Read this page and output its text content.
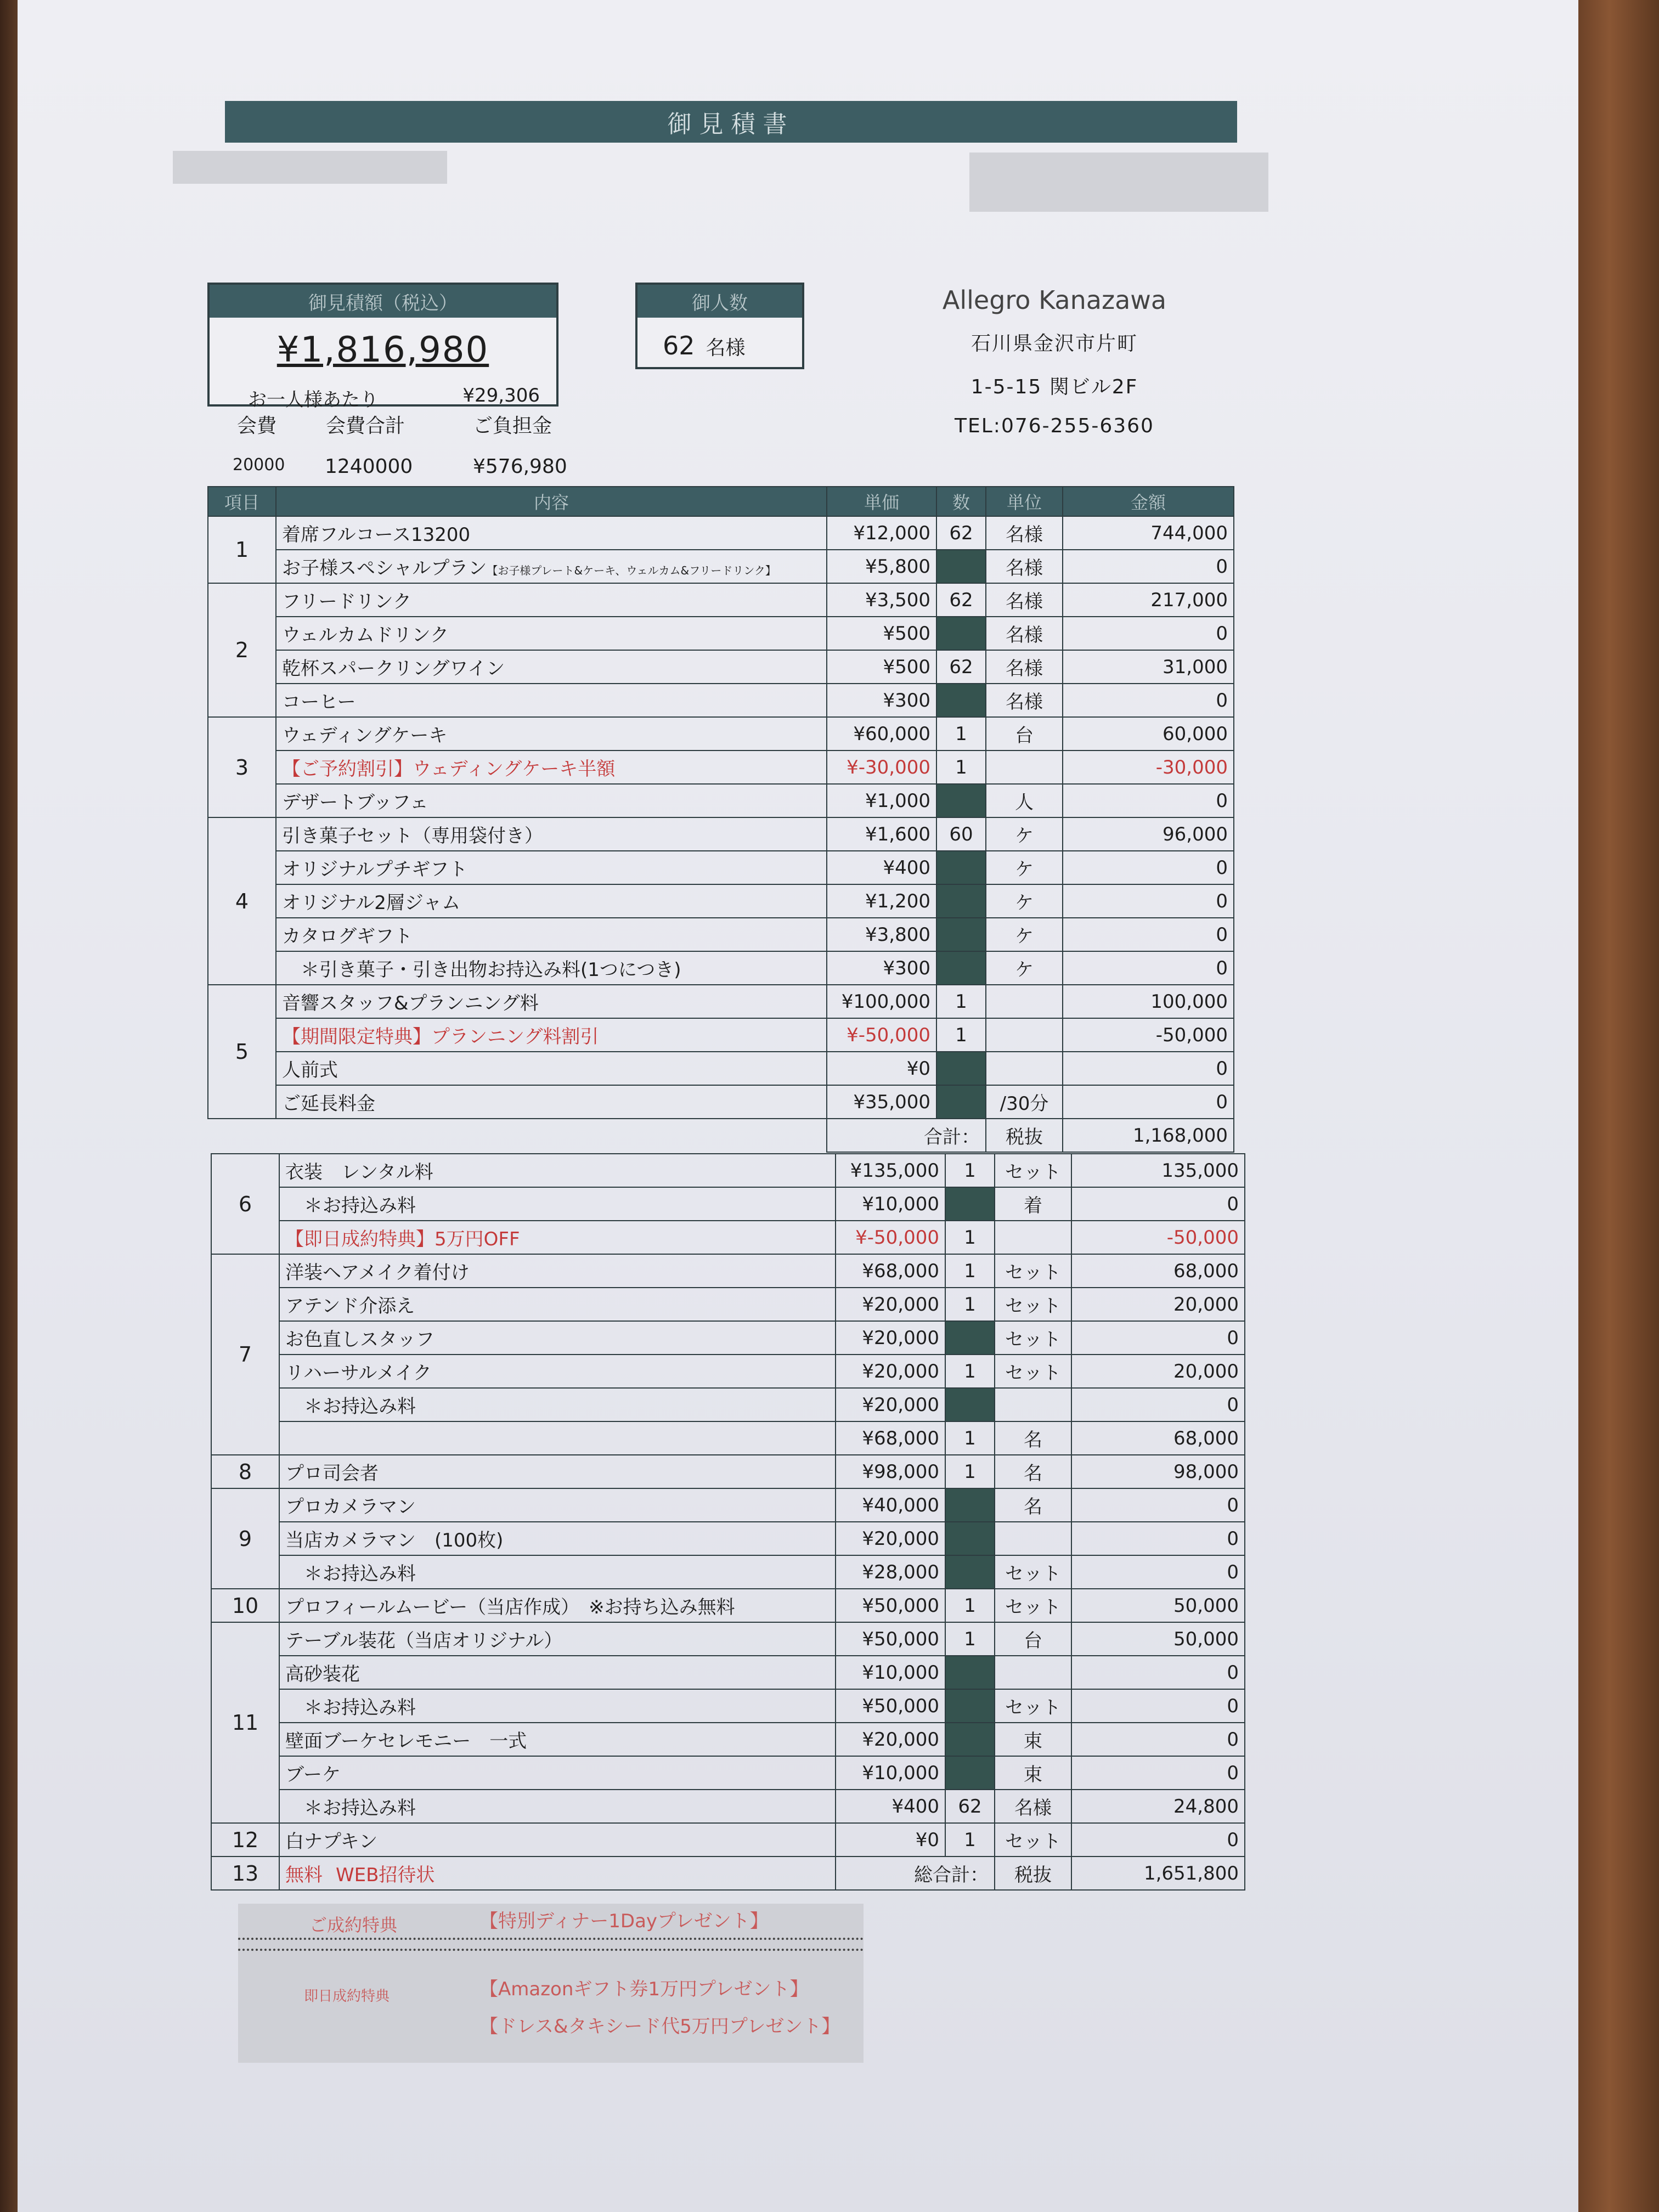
御見積書
御見積額（税込）
¥1,816,980
お一人様あたり	¥29,306
御人数
62 名様
Allegro Kanazawa
石川県金沢市片町
1-5-15 関ビル2F
TEL:076-255-6360
会費 会費合計	ご負担金
20000 1240000	¥576,980
項目	内容	単価	数	単位	金額
1	着席フルコース13200	¥12,000	62	名様	744,000
	お子様スペシャルプラン【お子様プレート&ケーキ、ウェルカム&フリードリンク】	¥5,800		名様	0
2	フリードリンク	¥3,500	62	名様	217,000
	ウェルカムドリンク	¥500		名様	0
	乾杯スパークリングワイン	¥500	62	名様	31,000
	コーヒー	¥300		名様	0
3	ウェディングケーキ	¥60,000	1	台	60,000
	【ご予約割引】ウェディングケーキ半額	¥-30,000	1		-30,000
	デザートブッフェ	¥1,000		人	0
4	引き菓子セット（専用袋付き）	¥1,600	60	ケ	96,000
	オリジナルプチギフト	¥400		ケ	0
	オリジナル2層ジャム	¥1,200		ケ	0
	カタログギフト	¥3,800		ケ	0
	　＊引き菓子・引き出物お持込み料(1つにつき)	¥300		ケ	0
5	音響スタッフ&プランニング料	¥100,000	1		100,000
	【期間限定特典】プランニング料割引	¥-50,000	1		-50,000
	人前式	¥0			0
	ご延長料金	¥35,000		/30分	0
		合計：		税抜	1,168,000
6	衣装　レンタル料	¥135,000	1	セット	135,000
	　＊お持込み料	¥10,000		着	0
	【即日成約特典】5万円OFF	¥-50,000	1		-50,000
7	洋装ヘアメイク着付け	¥68,000	1	セット	68,000
	アテンド介添え	¥20,000	1	セット	20,000
	お色直しスタッフ	¥20,000		セット	0
	リハーサルメイク	¥20,000	1	セット	20,000
	　＊お持込み料	¥20,000			0
		¥68,000	1	名	68,000
8	プロ司会者	¥98,000	1	名	98,000
9	プロカメラマン	¥40,000		名	0
	当店カメラマン　(100枚)	¥20,000			0
	　＊お持込み料	¥28,000		セット	0
10	プロフィールムービー（当店作成）　※お持ち込み無料	¥50,000	1	セット	50,000
11	テーブル装花（当店オリジナル）	¥50,000	1	台	50,000
	高砂装花	¥10,000			0
	　＊お持込み料	¥50,000		セット	0
	壁面ブーケセレモニー　一式	¥20,000		束	0
	ブーケ	¥10,000		束	0
	　＊お持込み料	¥400	62	名様	24,800
12	白ナプキン	¥0	1	セット	0
13	無料 WEB招待状	総合計：		税抜	1,651,800
ご成約特典	【特別ディナー1Dayプレゼント】
即日成約特典	【Amazonギフト券1万円プレゼント】
【ドレス&タキシード代5万円プレゼント】
